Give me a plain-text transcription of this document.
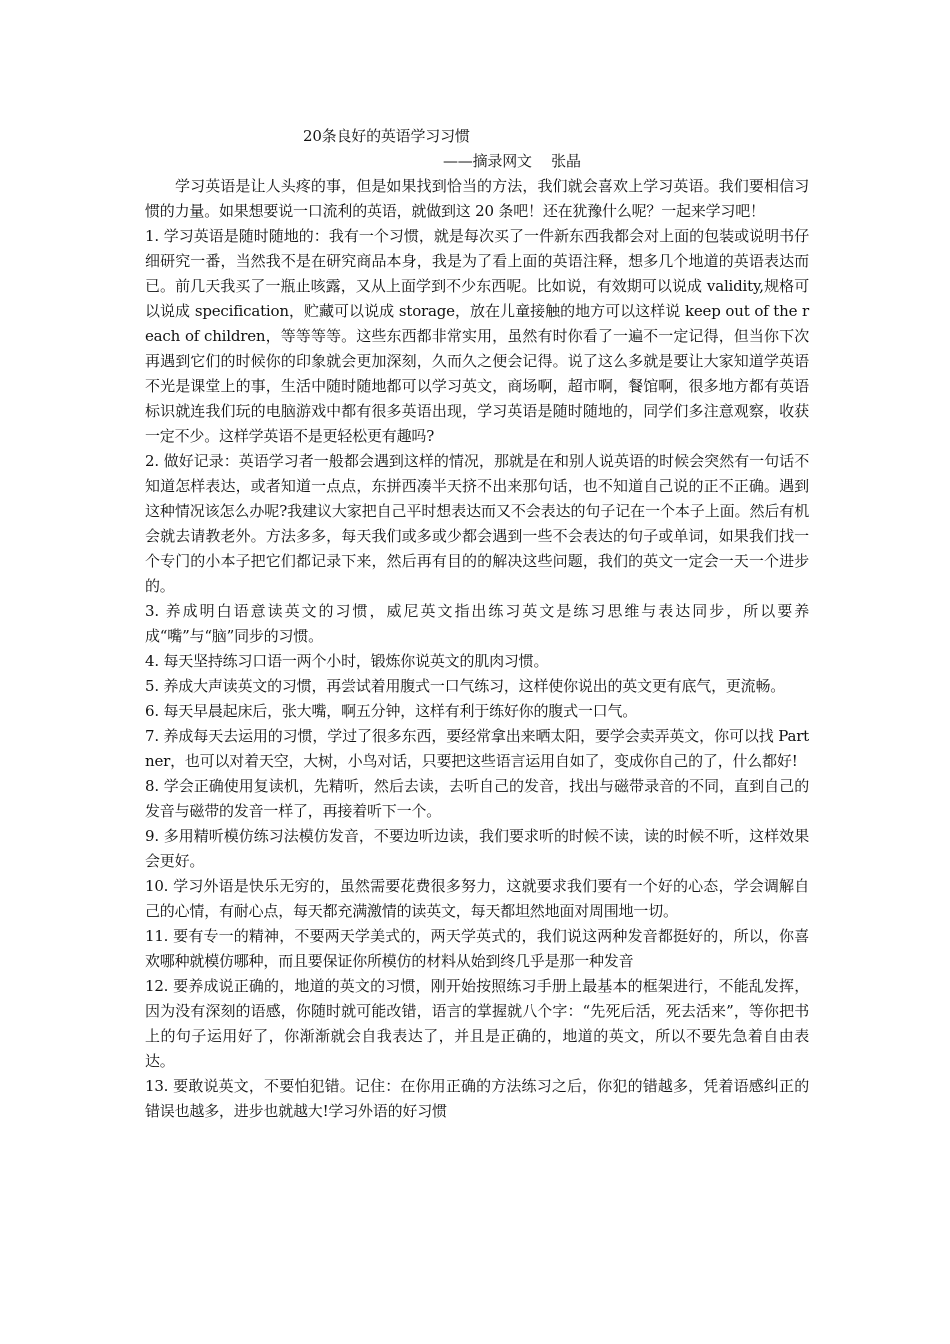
20条良好的英语学习习惯

——摘录网文　 张晶

学习英语是让人头疼的事，但是如果找到恰当的方法，我们就会喜欢上学习英语。我们要相信习惯的力量。如果想要说一口流利的英语，就做到这 20 条吧！还在犹豫什么呢？一起来学习吧！

1. 学习英语是随时随地的：我有一个习惯，就是每次买了一件新东西我都会对上面的包装或说明书仔细研究一番，当然我不是在研究商品本身，我是为了看上面的英语注释，想多几个地道的英语表达而已。前几天我买了一瓶止咳露，又从上面学到不少东西呢。比如说，有效期可以说成 validity,规格可以说成 specification，贮藏可以说成 storage，放在儿童接触的地方可以这样说 keep out of the reach of children，等等等等。这些东西都非常实用，虽然有时你看了一遍不一定记得，但当你下次再遇到它们的时候你的印象就会更加深刻，久而久之便会记得。说了这么多就是要让大家知道学英语不光是课堂上的事，生活中随时随地都可以学习英文，商场啊，超市啊，餐馆啊，很多地方都有英语标识就连我们玩的电脑游戏中都有很多英语出现，学习英语是随时随地的，同学们多注意观察，收获一定不少。这样学英语不是更轻松更有趣吗?

2. 做好记录：英语学习者一般都会遇到这样的情况，那就是在和别人说英语的时候会突然有一句话不知道怎样表达，或者知道一点点，东拼西凑半天挤不出来那句话，也不知道自己说的正不正确。遇到这种情况该怎么办呢?我建议大家把自己平时想表达而又不会表达的句子记在一个本子上面。然后有机会就去请教老外。方法多多，每天我们或多或少都会遇到一些不会表达的句子或单词，如果我们找一个专门的小本子把它们都记录下来，然后再有目的的解决这些问题，我们的英文一定会一天一个进步的。

3. 养成明白语意读英文的习惯，威尼英文指出练习英文是练习思维与表达同步，所以要养成“嘴”与“脑”同步的习惯。

4. 每天坚持练习口语一两个小时，锻炼你说英文的肌肉习惯。

5. 养成大声读英文的习惯，再尝试着用腹式一口气练习，这样使你说出的英文更有底气，更流畅。

6. 每天早晨起床后，张大嘴，啊五分钟，这样有利于练好你的腹式一口气。

7. 养成每天去运用的习惯，学过了很多东西，要经常拿出来晒太阳，要学会卖弄英文，你可以找 Partner，也可以对着天空，大树，小鸟对话，只要把这些语言运用自如了，变成你自己的了，什么都好!

8. 学会正确使用复读机，先精听，然后去读，去听自己的发音，找出与磁带录音的不同，直到自己的发音与磁带的发音一样了，再接着听下一个。

9. 多用精听模仿练习法模仿发音，不要边听边读，我们要求听的时候不读，读的时候不听，这样效果会更好。

10. 学习外语是快乐无穷的，虽然需要花费很多努力，这就要求我们要有一个好的心态，学会调解自己的心情，有耐心点，每天都充满激情的读英文，每天都坦然地面对周围地一切。

11. 要有专一的精神，不要两天学美式的，两天学英式的，我们说这两种发音都挺好的，所以，你喜欢哪种就模仿哪种，而且要保证你所模仿的材料从始到终几乎是那一种发音

12. 要养成说正确的，地道的英文的习惯，刚开始按照练习手册上最基本的框架进行，不能乱发挥，因为没有深刻的语感，你随时就可能改错，语言的掌握就八个字：“先死后活，死去活来”，等你把书上的句子运用好了，你渐渐就会自我表达了，并且是正确的，地道的英文，所以不要先急着自由表达。

13. 要敢说英文，不要怕犯错。记住：在你用正确的方法练习之后，你犯的错越多，凭着语感纠正的错误也越多，进步也就越大!学习外语的好习惯
